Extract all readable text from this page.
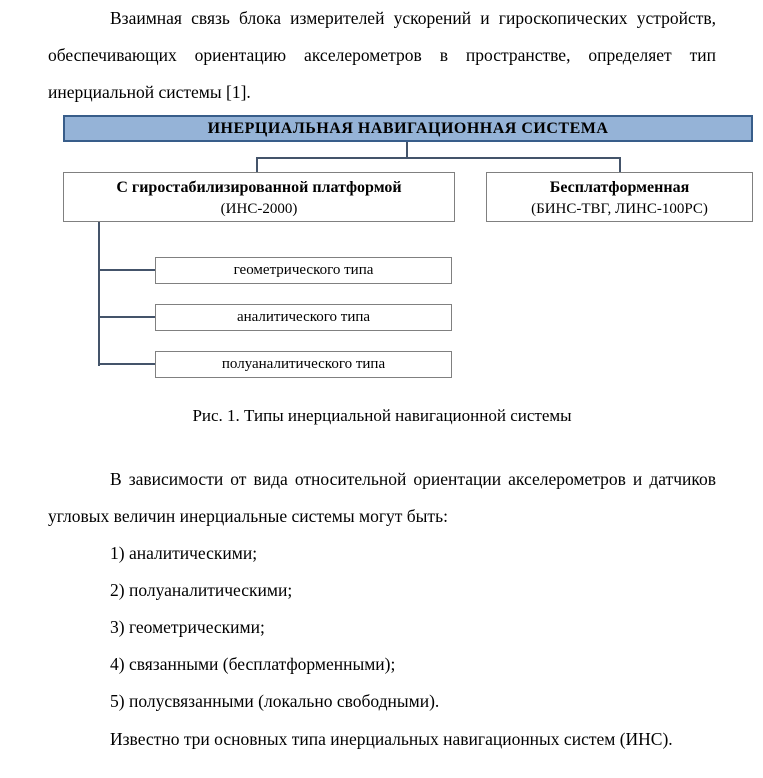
Взаимная связь блока измерителей ускорений и гироскопических устройств, обеспечивающих ориентацию акселерометров в пространстве, определяет тип инерциальной системы [1].

ИНЕРЦИАЛЬНАЯ НАВИГАЦИОННАЯ СИСТЕМА
С гиростабилизированной платформой
(ИНС-2000)
Бесплатформенная
(БИНС-ТВГ, ЛИНС-100РС)
геометрического типа
аналитического типа
полуаналитического типа

Рис. 1. Типы инерциальной навигационной системы

В зависимости от вида относительной ориентации акселерометров и датчиков угловых величин инерциальные системы могут быть:

1) аналитическими;

2) полуаналитическими;

3) геометрическими;

4) связанными (бесплатформенными);

5) полусвязанными (локально свободными).

Известно три основных типа инерциальных навигационных систем (ИНС).
